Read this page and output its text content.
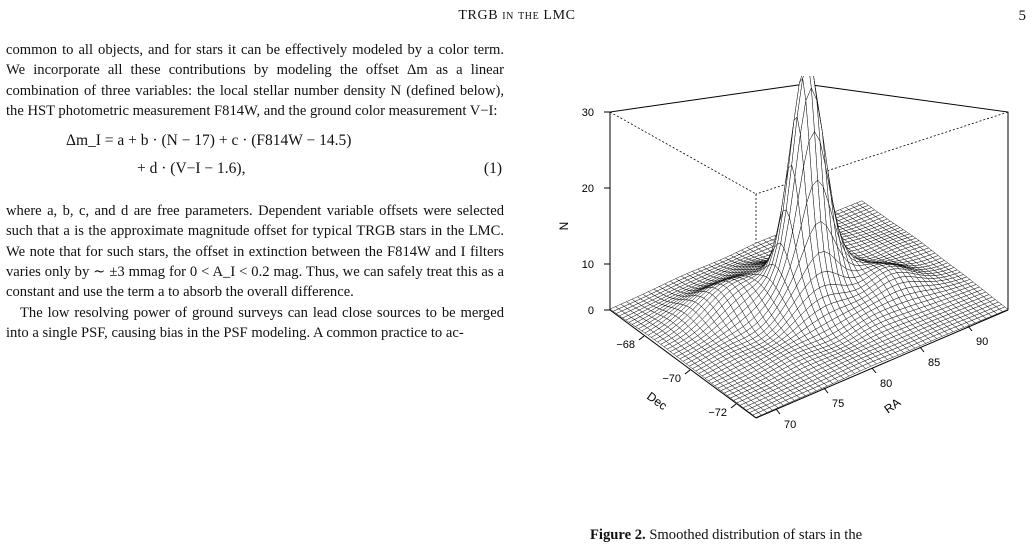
TRGB in the LMC	5

common to all objects, and for stars it can be effectively modeled by a color term. We incorporate all these contributions by modeling the offset Δm as a linear combination of three variables: the local stellar number density N (defined below), the HST photometric measurement F814W, and the ground color measurement V−I:

Δm_I = a + b · (N − 17) + c · (F814W − 14.5)
+ d · (V−I − 1.6),	(1)

where a, b, c, and d are free parameters. Dependent variable offsets were selected such that a is the approximate magnitude offset for typical TRGB stars in the LMC. We note that for such stars, the offset in extinction between the F814W and I filters varies only by ∼ ±3 mmag for 0 < A_I < 0.2 mag. Thus, we can safely treat this as a constant and use the term a to absorb the overall difference.

The low resolving power of ground surveys can lead close sources to be merged into a single PSF, causing bias in the PSF modeling. A common practice to ac-

0
10
20
30
N
−68
−70
−72
Dec
70
75
80
85
90
RA
Figure 2. Smoothed distribution of stars in the
